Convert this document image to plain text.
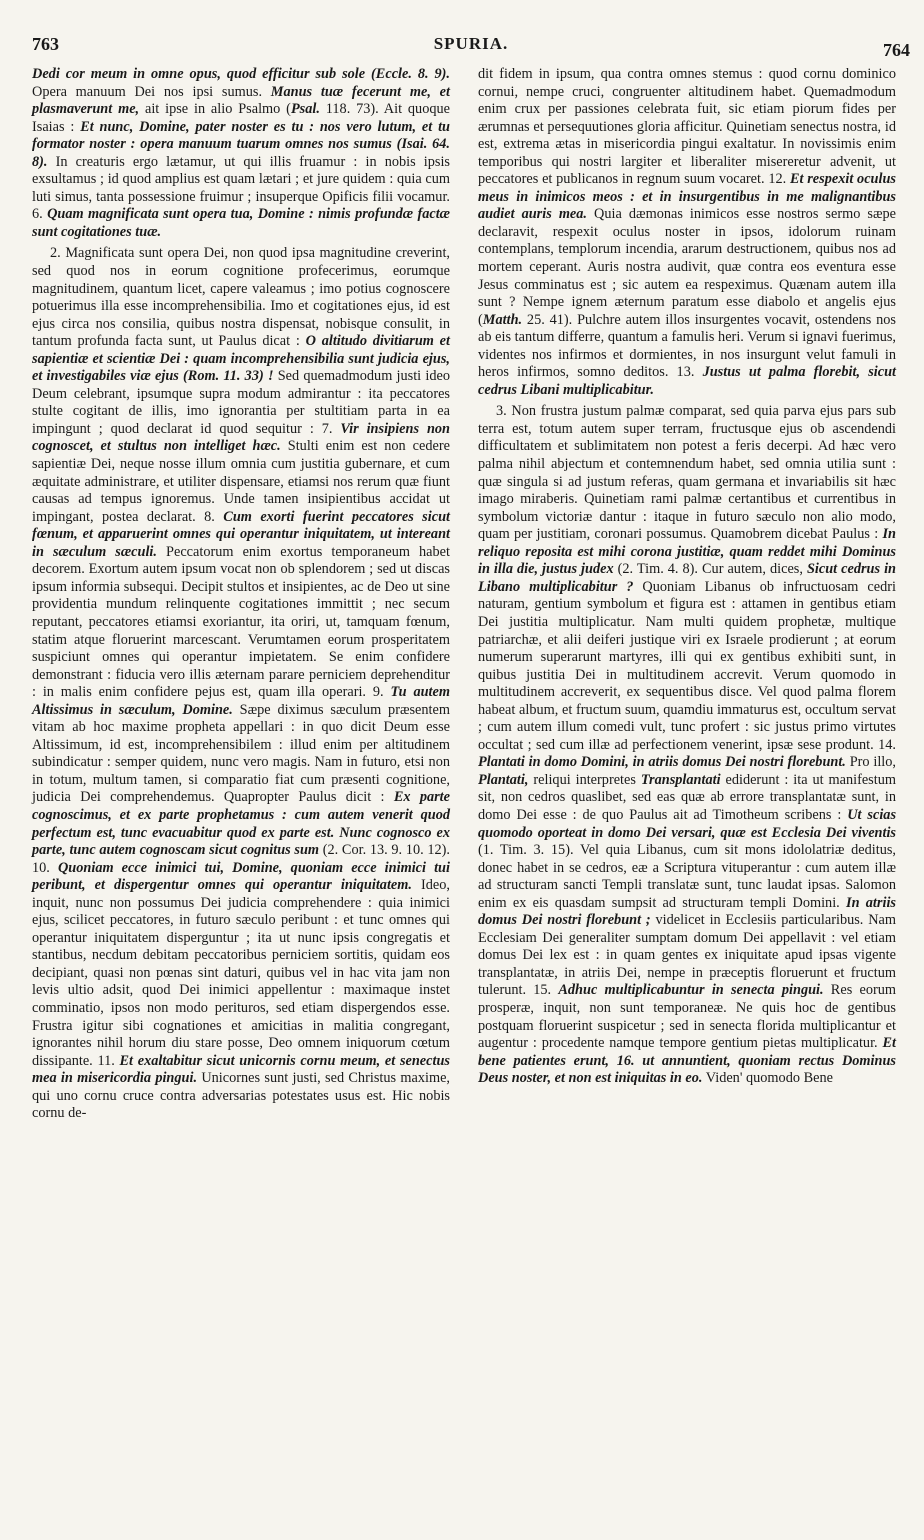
763	SPURIA.	764

Dedi cor meum in omne opus, quod efficitur sub sole (Eccle. 8. 9). Opera manuum Dei nos ipsi sumus. Manus tuæ fecerunt me, et plasmaverunt me, ait ipse in alio Psalmo (Psal. 118. 73). Ait quoque Isaias : Et nunc, Domine, pater noster es tu : nos vero lutum, et tu formator noster : opera manuum tuarum omnes nos sumus (Isai. 64. 8). In creaturis ergo lætamur, ut qui illis fruamur : in nobis ipsis exsultamus ; id quod amplius est quam lætari ; et jure quidem : quia cum luti simus, tanta possessione fruimur ; insuperque Opificis filii vocamur. 6. Quam magnificata sunt opera tua, Domine : nimis profundæ factæ sunt cogitationes tuæ.

2. Magnificata sunt opera Dei, non quod ipsa magnitudine creverint, sed quod nos in eorum cognitione profecerimus, eorumque magnitudinem, quantum licet, capere valeamus ; imo potius cognoscere potuerimus illa esse incomprehensibilia. Imo et cogitationes ejus, id est ejus circa nos consilia, quibus nostra dispensat, nobisque consulit, in tantum profunda facta sunt, ut Paulus dicat : O altitudo divitiarum et sapientiæ et scientiæ Dei : quam incomprehensibilia sunt judicia ejus, et investigabiles viæ ejus (Rom. 11. 33) ! Sed quemadmodum justi ideo Deum celebrant, ipsumque supra modum admirantur : ita peccatores stulte cogitant de illis, imo ignorantia per stultitiam parta in ea impingunt ; quod declarat id quod sequitur : 7. Vir insipiens non cognoscet, et stultus non intelliget hæc. Stulti enim est non cedere sapientiæ Dei, neque nosse illum omnia cum justitia gubernare, et cum æquitate administrare, et utiliter dispensare, etiamsi nos rerum quæ fiunt causas ad tempus ignoremus. Unde tamen insipientibus accidat ut impingant, postea declarat. 8. Cum exorti fuerint peccatores sicut fœnum, et apparuerint omnes qui operantur iniquitatem, ut intereant in sæculum sæculi. Peccatorum enim exortus temporaneum habet decorem. Exortum autem ipsum vocat non ob splendorem ; sed ut discas ipsum informia subsequi. Decipit stultos et insipientes, ac de Deo ut sine providentia mundum relinquente cogitationes immittit ; nec secum reputant, peccatores etiamsi exoriantur, ita oriri, ut, tamquam fœnum, statim atque floruerint marcescant. Verumtamen eorum prosperitatem suspiciunt omnes qui operantur impietatem. Se enim confidere demonstrant : fiducia vero illis æternam parare perniciem deprehenditur : in malis enim confidere pejus est, quam illa operari. 9. Tu autem Altissimus in sæculum, Domine. Sæpe diximus sæculum præsentem vitam ab hoc maxime propheta appellari : in quo dicit Deum esse Altissimum, id est, incomprehensibilem : illud enim per altitudinem subindicatur : semper quidem, nunc vero magis. Nam in futuro, etsi non in totum, multum tamen, si comparatio fiat cum præsenti cognitione, judicia Dei comprehendemus. Quapropter Paulus dicit : Ex parte cognoscimus, et ex parte prophetamus : cum autem venerit quod perfectum est, tunc evacuabitur quod ex parte est. Nunc cognosco ex parte, tunc autem cognoscam sicut cognitus sum (2. Cor. 13. 9. 10. 12). 10. Quoniam ecce inimici tui, Domine, quoniam ecce inimici tui peribunt, et dispergentur omnes qui operantur iniquitatem. Ideo, inquit, nunc non possumus Dei judicia comprehendere : quia inimici ejus, scilicet peccatores, in futuro sæculo peribunt : et tunc omnes qui operantur iniquitatem disperguntur ; ita ut nunc ipsis congregatis et stantibus, necdum debitam peccatoribus perniciem sortitis, quidam eos decipiant, quasi non pœnas sint daturi, quibus vel in hac vita jam non levis ultio adsit, quod Dei inimici appellentur : maximaque instet comminatio, ipsos non modo perituros, sed etiam dispergendos esse. Frustra igitur sibi cognationes et amicitias in malitia congregant, ignorantes nihil horum diu stare posse, Deo omnem iniquorum cœtum dissipante. 11. Et exaltabitur sicut unicornis cornu meum, et senectus mea in misericordia pingui. Unicornes sunt justi, sed Christus maxime, qui uno cornu cruce contra adversarias potestates usus est. Hic nobis cornu de-

dit fidem in ipsum, qua contra omnes stemus : quod cornu dominico cornui, nempe cruci, congruenter altitudinem habet. Quemadmodum enim crux per passiones celebrata fuit, sic etiam piorum fides per ærumnas et persequutiones gloria afficitur. Quinetiam senectus nostra, id est, extrema ætas in misericordia pingui exaltatur. In novissimis enim temporibus qui nostri largiter et liberaliter misereretur advenit, ut peccatores et publicanos in regnum suum vocaret. 12. Et respexit oculus meus in inimicos meos : et in insurgentibus in me malignantibus audiet auris mea. Quia dæmonas inimicos esse nostros sermo sæpe declaravit, respexit oculus noster in ipsos, idolorum ruinam contemplans, templorum incendia, ararum destructionem, quibus nos ad mortem ceperant. Auris nostra audivit, quæ contra eos eventura esse Jesus comminatus est ; sic autem ea respeximus. Quænam autem illa sunt ? Nempe ignem æternum paratum esse diabolo et angelis ejus (Matth. 25. 41). Pulchre autem illos insurgentes vocavit, ostendens nos ab eis tantum differre, quantum a famulis heri. Verum si ignavi fuerimus, videntes nos infirmos et dormientes, in nos insurgunt velut famuli in heros infirmos, somno deditos. 13. Justus ut palma florebit, sicut cedrus Libani multiplicabitur.

3. Non frustra justum palmæ comparat, sed quia parva ejus pars sub terra est, totum autem super terram, fructusque ejus ob ascendendi difficultatem et sublimitatem non potest a feris decerpi. Ad hæc vero palma nihil abjectum et contemnendum habet, sed omnia utilia sunt : quæ singula si ad justum referas, quam germana et invariabilis sit hæc imago miraberis. Quinetiam rami palmæ certantibus et currentibus in symbolum victoriæ dantur : itaque in futuro sæculo non alio modo, quam per justitiam, coronari possumus. Quamobrem dicebat Paulus : In reliquo reposita est mihi corona justitiæ, quam reddet mihi Dominus in illa die, justus judex (2. Tim. 4. 8). Cur autem, dices, Sicut cedrus in Libano multiplicabitur ? Quoniam Libanus ob infructuosam cedri naturam, gentium symbolum et figura est : attamen in gentibus etiam Dei justitia multiplicatur. Nam multi quidem prophetæ, multique patriarchæ, et alii deiferi justique viri ex Israele prodierunt ; at eorum numerum superarunt martyres, illi qui ex gentibus exhibiti sunt, in quibus justitia Dei in multitudinem accrevit. Verum quomodo in multitudinem accreverit, ex sequentibus disce. Vel quod palma florem habeat album, et fructum suum, quamdiu immaturus est, occultum servat ; cum autem illum comedi vult, tunc profert : sic justus primo virtutes occultat ; sed cum illæ ad perfectionem venerint, ipsæ sese produnt. 14. Plantati in domo Domini, in atriis domus Dei nostri florebunt. Pro illo, Plantati, reliqui interpretes Transplantati ediderunt : ita ut manifestum sit, non cedros quaslibet, sed eas quæ ab errore transplantatæ sunt, in domo Dei esse : de quo Paulus ait ad Timotheum scribens : Ut scias quomodo oporteat in domo Dei versari, quæ est Ecclesia Dei viventis (1. Tim. 3. 15). Vel quia Libanus, cum sit mons idololatriæ deditus, donec habet in se cedros, eæ a Scriptura vituperantur : cum autem illæ ad structuram sancti Templi translatæ sunt, tunc laudat ipsas. Salomon enim ex eis quasdam sumpsit ad structuram templi Domini. In atriis domus Dei nostri florebunt ; videlicet in Ecclesiis particularibus. Nam Ecclesiam Dei generaliter sumptam domum Dei appellavit : vel etiam domus Dei lex est : in quam gentes ex iniquitate apud ipsas vigente transplantatæ, in atriis Dei, nempe in præceptis floruerunt et fructum tulerunt. 15. Adhuc multiplicabuntur in senecta pingui. Res eorum prosperæ, inquit, non sunt temporaneæ. Ne quis hoc de gentibus postquam floruerint suspicetur ; sed in senecta florida multiplicantur et augentur : procedente namque tempore gentium pietas multiplicatur. Et bene patientes erunt, 16. ut annuntient, quoniam rectus Dominus Deus noster, et non est iniquitas in eo. Viden' quomodo Bene
